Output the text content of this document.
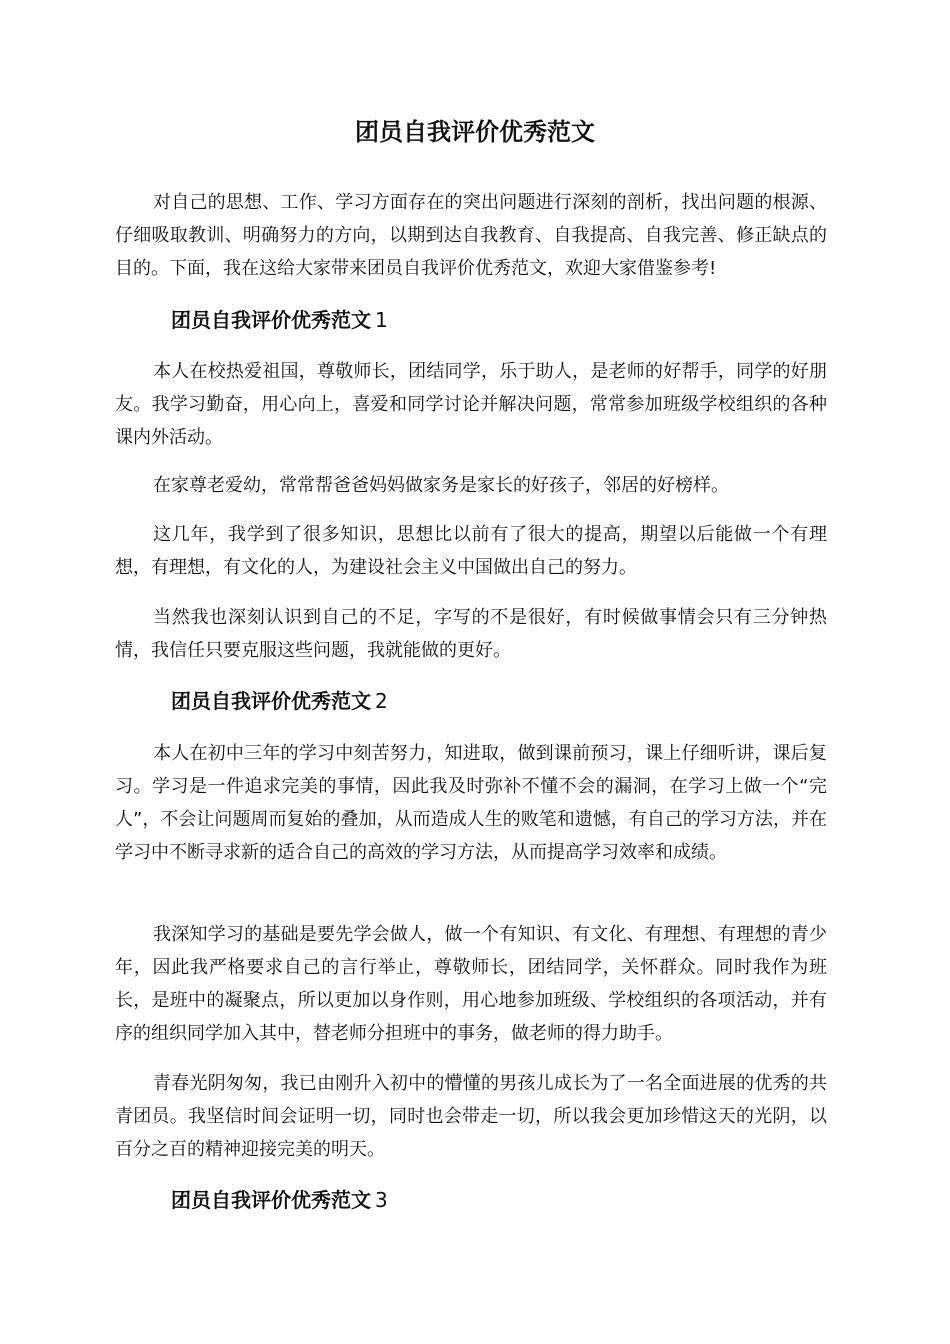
团员自我评价优秀范文

对自己的思想、工作、学习方面存在的突出问题进行深刻的剖析，找出问题的根源、仔细吸取教训、明确努力的方向，以期到达自我教育、自我提高、自我完善、修正缺点的目的。下面，我在这给大家带来团员自我评价优秀范文，欢迎大家借鉴参考!

团员自我评价优秀范文 1

本人在校热爱祖国，尊敬师长，团结同学，乐于助人，是老师的好帮手，同学的好朋友。我学习勤奋，用心向上，喜爱和同学讨论并解决问题，常常参加班级学校组织的各种课内外活动。

在家尊老爱幼，常常帮爸爸妈妈做家务是家长的好孩子，邻居的好榜样。

这几年，我学到了很多知识，思想比以前有了很大的提高，期望以后能做一个有理想，有理想，有文化的人，为建设社会主义中国做出自己的努力。

当然我也深刻认识到自己的不足，字写的不是很好，有时候做事情会只有三分钟热情，我信任只要克服这些问题，我就能做的更好。

团员自我评价优秀范文 2

本人在初中三年的学习中刻苦努力，知进取，做到课前预习，课上仔细听讲，课后复习。学习是一件追求完美的事情，因此我及时弥补不懂不会的漏洞，在学习上做一个“完人”，不会让问题周而复始的叠加，从而造成人生的败笔和遗憾，有自己的学习方法，并在学习中不断寻求新的适合自己的高效的学习方法，从而提高学习效率和成绩。

我深知学习的基础是要先学会做人，做一个有知识、有文化、有理想、有理想的青少年，因此我严格要求自己的言行举止，尊敬师长，团结同学，关怀群众。同时我作为班长，是班中的凝聚点，所以更加以身作则，用心地参加班级、学校组织的各项活动，并有序的组织同学加入其中，替老师分担班中的事务，做老师的得力助手。

青春光阴匆匆，我已由刚升入初中的懵懂的男孩儿成长为了一名全面进展的优秀的共青团员。我坚信时间会证明一切，同时也会带走一切，所以我会更加珍惜这天的光阴，以百分之百的精神迎接完美的明天。

团员自我评价优秀范文 3
